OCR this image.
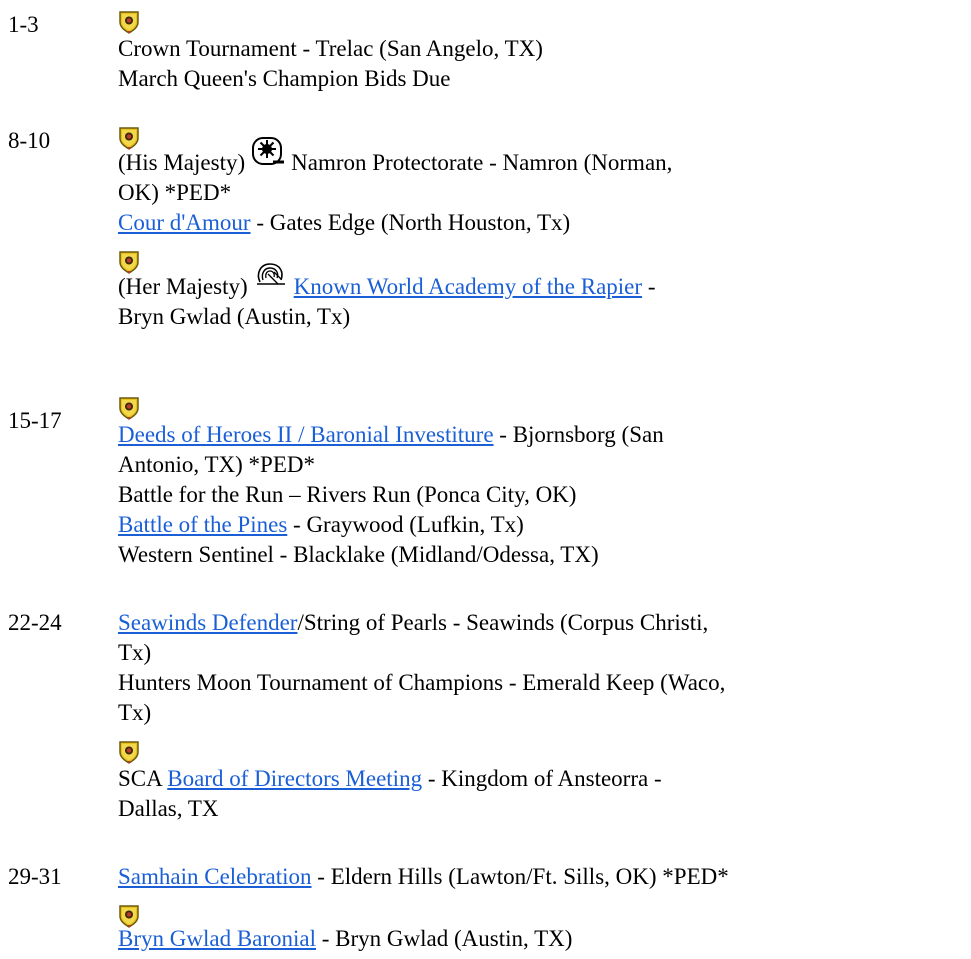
1-3
Crown Tournament - Trelac (San Angelo, TX)
March Queen's Champion Bids Due
8-10
(His Majesty) Namron Protectorate - Namron (Norman,
OK) *PED*
Cour d'Amour - Gates Edge (North Houston, Tx)
(Her Majesty) Known World Academy of the Rapier -
Bryn Gwlad (Austin, Tx)
15-17
Deeds of Heroes II / Baronial Investiture - Bjornsborg (San
Antonio, TX) *PED*
Battle for the Run – Rivers Run (Ponca City, OK)
Battle of the Pines - Graywood (Lufkin, Tx)
Western Sentinel - Blacklake (Midland/Odessa, TX)
22-24 Seawinds Defender/String of Pearls - Seawinds (Corpus Christi,
Tx)
Hunters Moon Tournament of Champions - Emerald Keep (Waco,
Tx)
SCA Board of Directors Meeting - Kingdom of Ansteorra -
Dallas, TX
29-31 Samhain Celebration - Eldern Hills (Lawton/Ft. Sills, OK) *PED*
Bryn Gwlad Baronial - Bryn Gwlad (Austin, TX)
